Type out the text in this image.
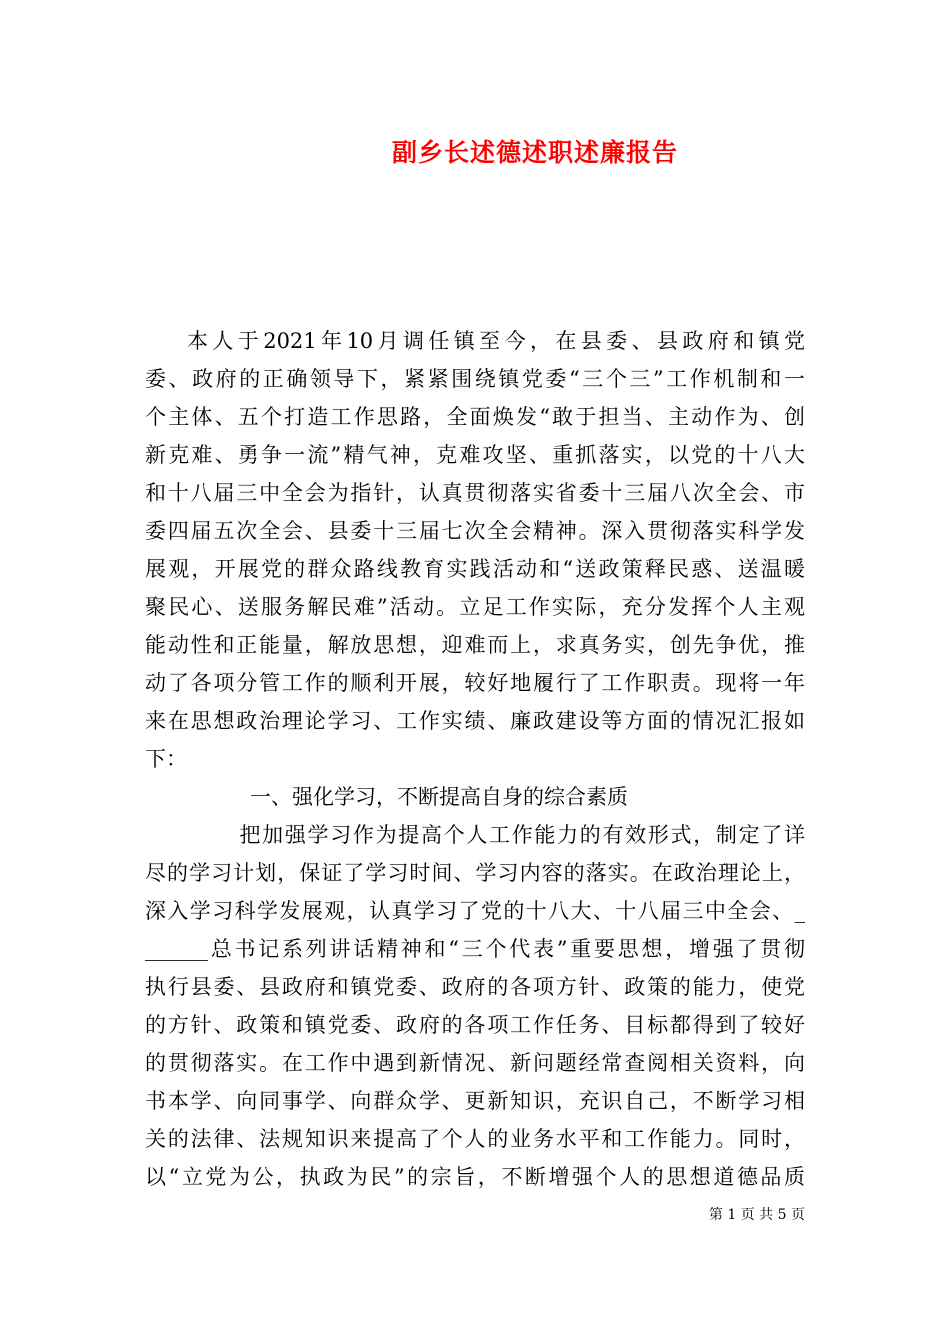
副乡长述德述职述廉报告
本人于2021年10月调任镇至今，在县委、县政府和镇党
委、政府的正确领导下，紧紧围绕镇党委“三个三”工作机制和一
个主体、五个打造工作思路，全面焕发“敢于担当、主动作为、创
新克难、勇争一流”精气神，克难攻坚、重抓落实，以党的十八大
和十八届三中全会为指针，认真贯彻落实省委十三届八次全会、市
委四届五次全会、县委十三届七次全会精神。深入贯彻落实科学发
展观，开展党的群众路线教育实践活动和“送政策释民惑、送温暖
聚民心、送服务解民难”活动。立足工作实际，充分发挥个人主观
能动性和正能量，解放思想，迎难而上，求真务实，创先争优，推
动了各项分管工作的顺利开展，较好地履行了工作职责。现将一年
来在思想政治理论学习、工作实绩、廉政建设等方面的情况汇报如
下：
一、强化学习，不断提高自身的综合素质
把加强学习作为提高个人工作能力的有效形式，制定了详
尽的学习计划，保证了学习时间、学习内容的落实。在政治理论上，
深入学习科学发展观，认真学习了党的十八大、十八届三中全会、_
______总书记系列讲话精神和“三个代表”重要思想，增强了贯彻
执行县委、县政府和镇党委、政府的各项方针、政策的能力，使党
的方针、政策和镇党委、政府的各项工作任务、目标都得到了较好
的贯彻落实。在工作中遇到新情况、新问题经常查阅相关资料，向
书本学、向同事学、向群众学、更新知识，充识自己，不断学习相
关的法律、法规知识来提高了个人的业务水平和工作能力。同时，
以“立党为公，执政为民”的宗旨，不断增强个人的思想道德品质
第 1 页 共 5 页
